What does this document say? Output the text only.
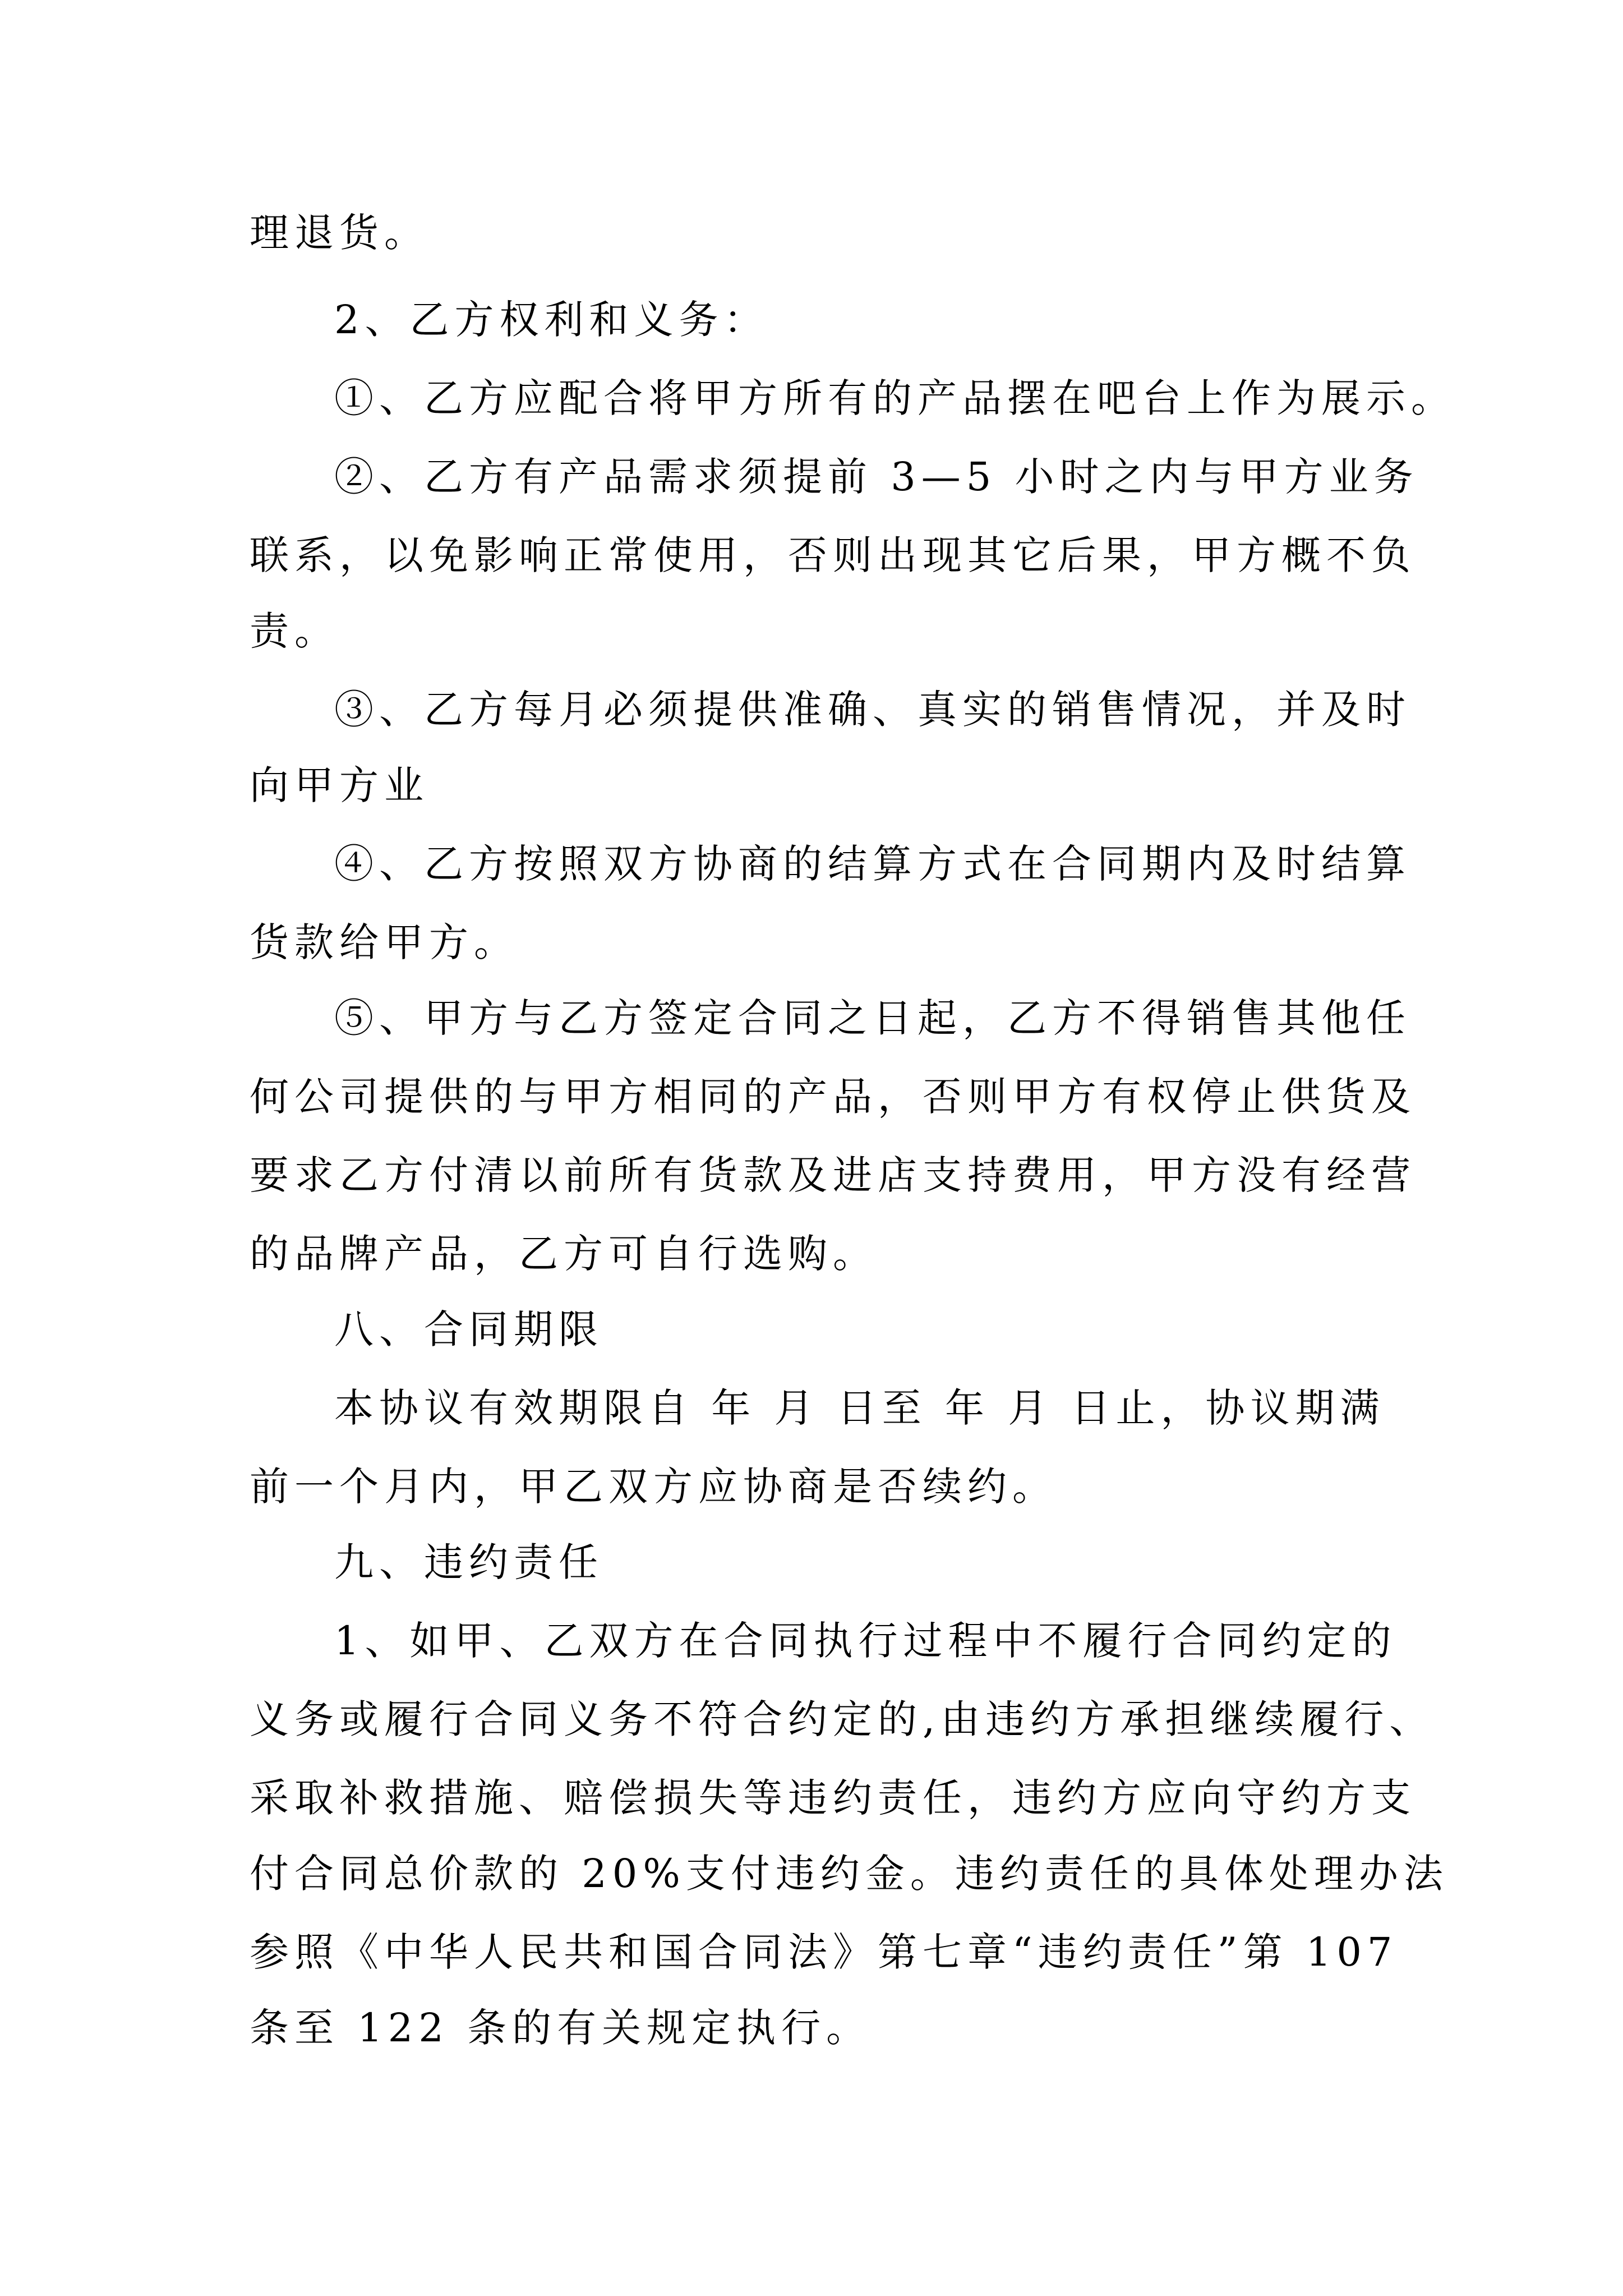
理退货。
2、乙方权利和义务：
①、乙方应配合将甲方所有的产品摆在吧台上作为展示。
②、乙方有产品需求须提前 3—5 小时之内与甲方业务
联系，以免影响正常使用，否则出现其它后果，甲方概不负
责。
③、乙方每月必须提供准确、真实的销售情况，并及时
向甲方业
④、乙方按照双方协商的结算方式在合同期内及时结算
货款给甲方。
⑤、甲方与乙方签定合同之日起，乙方不得销售其他任
何公司提供的与甲方相同的产品，否则甲方有权停止供货及
要求乙方付清以前所有货款及进店支持费用，甲方没有经营
的品牌产品，乙方可自行选购。
八、合同期限
本协议有效期限自 年 月 日至 年 月 日止，协议期满
前一个月内，甲乙双方应协商是否续约。
九、违约责任
1、如甲、乙双方在合同执行过程中不履行合同约定的
义务或履行合同义务不符合约定的,由违约方承担继续履行、
采取补救措施、赔偿损失等违约责任，违约方应向守约方支
付合同总价款的 20%支付违约金。违约责任的具体处理办法
参照《中华人民共和国合同法》第七章“违约责任”第 107
条至 122 条的有关规定执行。
